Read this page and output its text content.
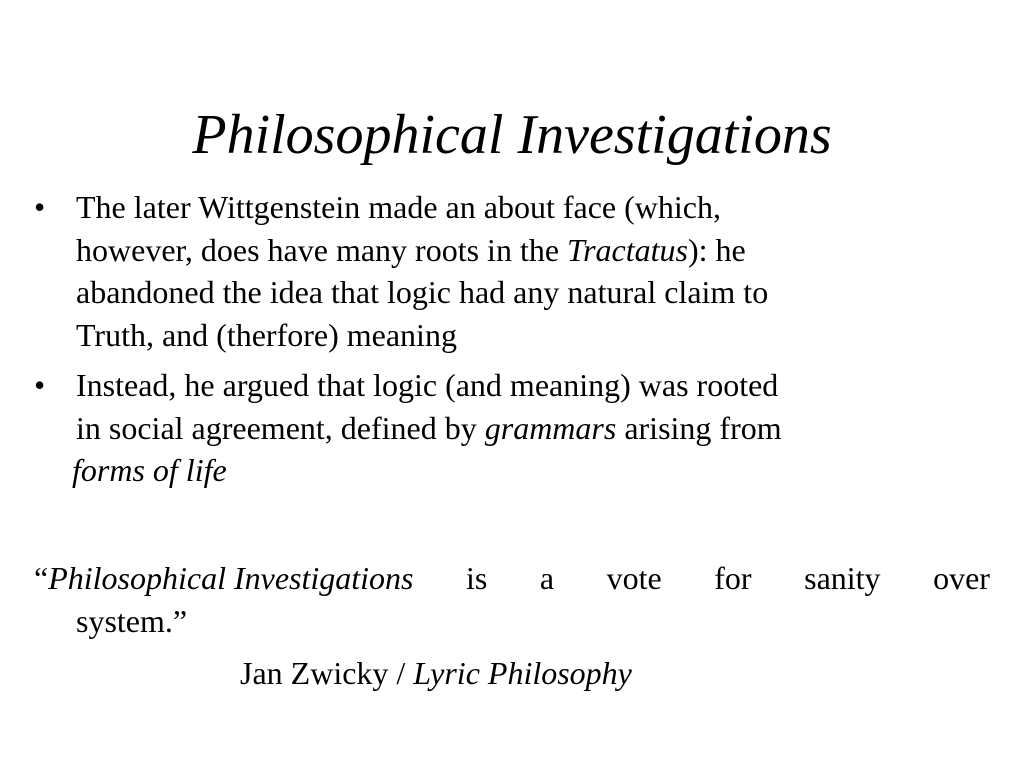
Philosophical Investigations
• The later Wittgenstein made an about face (which,
however, does have many roots in the Tractatus): he
abandoned the idea that logic had any natural claim to
Truth, and (therfore) meaning
• Instead, he argued that logic (and meaning) was rooted
in social agreement, defined by grammars arising from
forms of life
“Philosophical Investigations is a vote for sanity over
system.”
Jan Zwicky / Lyric Philosophy
